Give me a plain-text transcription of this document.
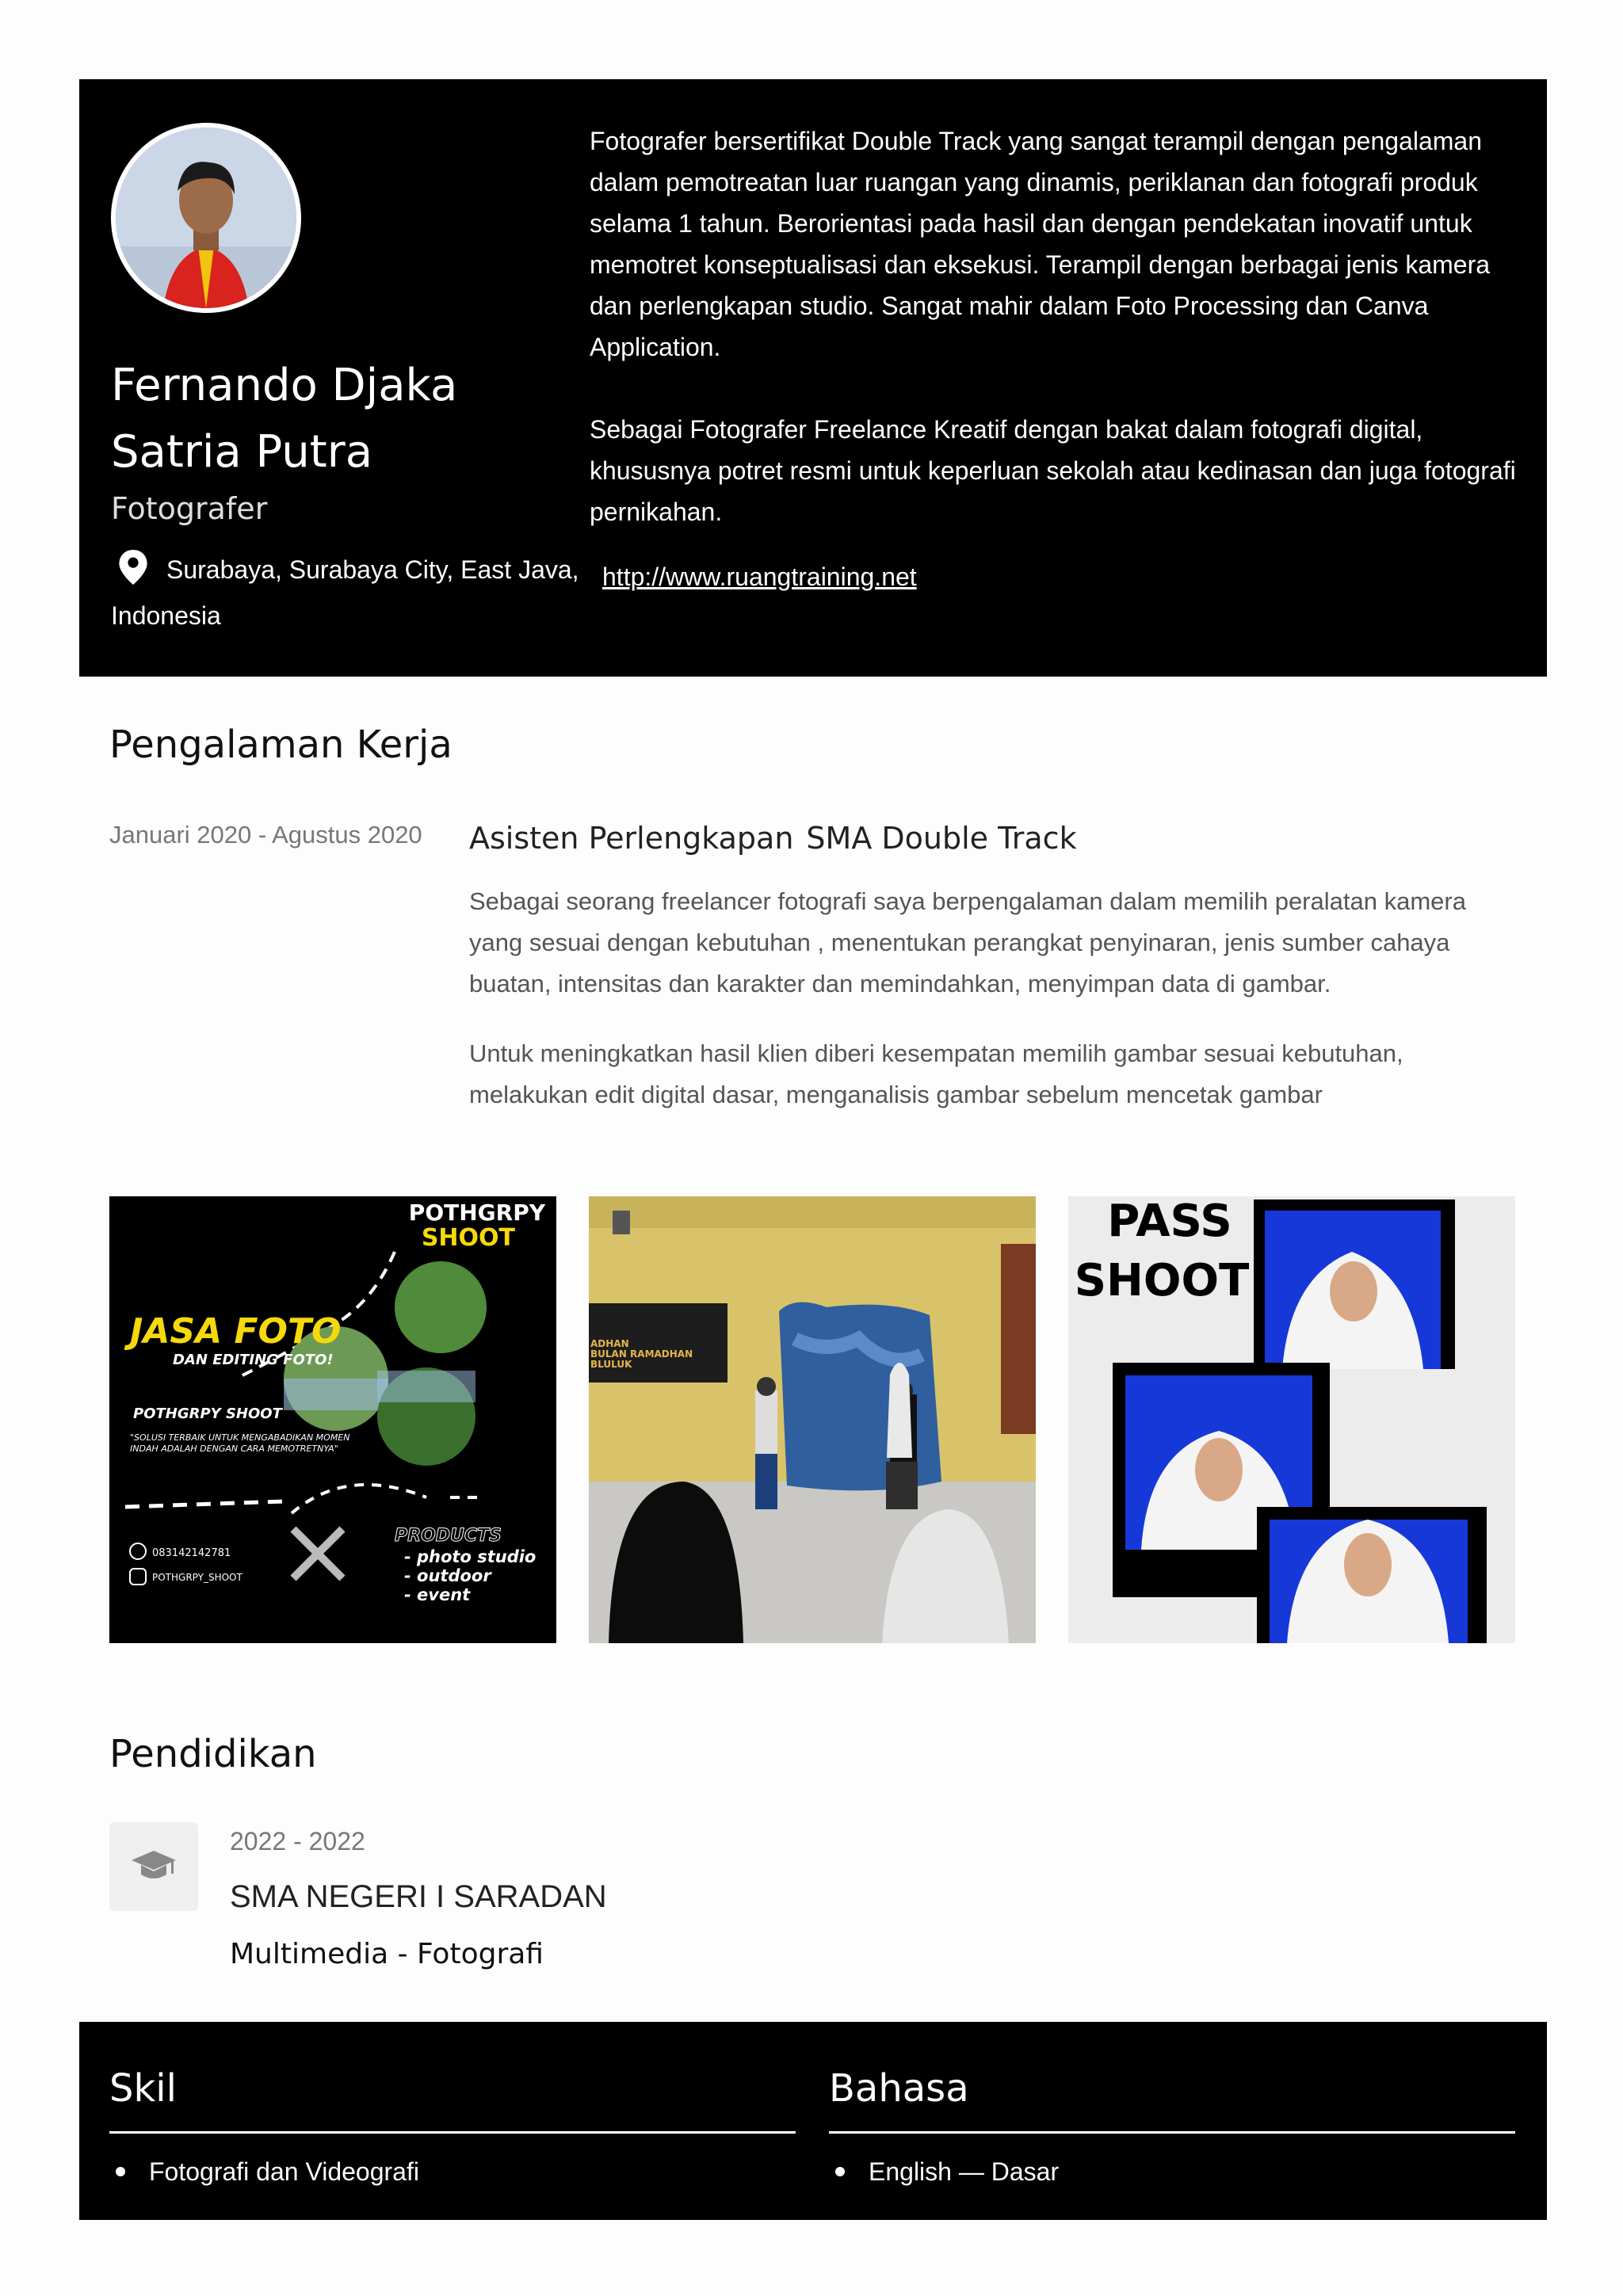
Fernando Djaka Satria Putra
Fotografer
Surabaya, Surabaya City, East Java, Indonesia

Fotografer bersertifikat Double Track yang sangat terampil dengan pengalaman dalam pemotreatan luar ruangan yang dinamis, periklanan dan fotografi produk selama 1 tahun. Berorientasi pada hasil dan dengan pendekatan inovatif untuk memotret konseptualisasi dan eksekusi. Terampil dengan berbagai jenis kamera dan perlengkapan studio. Sangat mahir dalam Foto Processing dan Canva Application.

Sebagai Fotografer Freelance Kreatif dengan bakat dalam fotografi digital, khususnya potret resmi untuk keperluan sekolah atau kedinasan dan juga fotografi pernikahan.

http://www.ruangtraining.net
Pengalaman Kerja
Januari 2020 - Agustus 2020 Asisten Perlengkapan SMA Double Track

Sebagai seorang freelancer fotografi saya berpengalaman dalam memilih peralatan kamera yang sesuai dengan kebutuhan , menentukan perangkat penyinaran, jenis sumber cahaya buatan, intensitas dan karakter dan memindahkan, menyimpan data di gambar.

Untuk meningkatkan hasil klien diberi kesempatan memilih gambar sesuai kebutuhan, melakukan edit digital dasar, menganalisis gambar sebelum mencetak gambar

POTHGRPY
SHOOT
JASA FOTO
DAN EDITING FOTO!
POTHGRPY SHOOT
"SOLUSI TERBAIK UNTUK MENGABADIKAN MOMEN INDAH ADALAH DENGAN CARA MEMOTRETNYA"
083142142781
POTHGRPY_SHOOT
PRODUCTS
- photo studio
- outdoor
- event
ADHAN
BULAN RAMADHAN
BLULUK
PASS
SHOOT
Pendidikan
2022 - 2022
SMA NEGERI I SARADAN
Multimedia - Fotografi
Skil
Fotografi dan Videografi
Bahasa
English — Dasar
